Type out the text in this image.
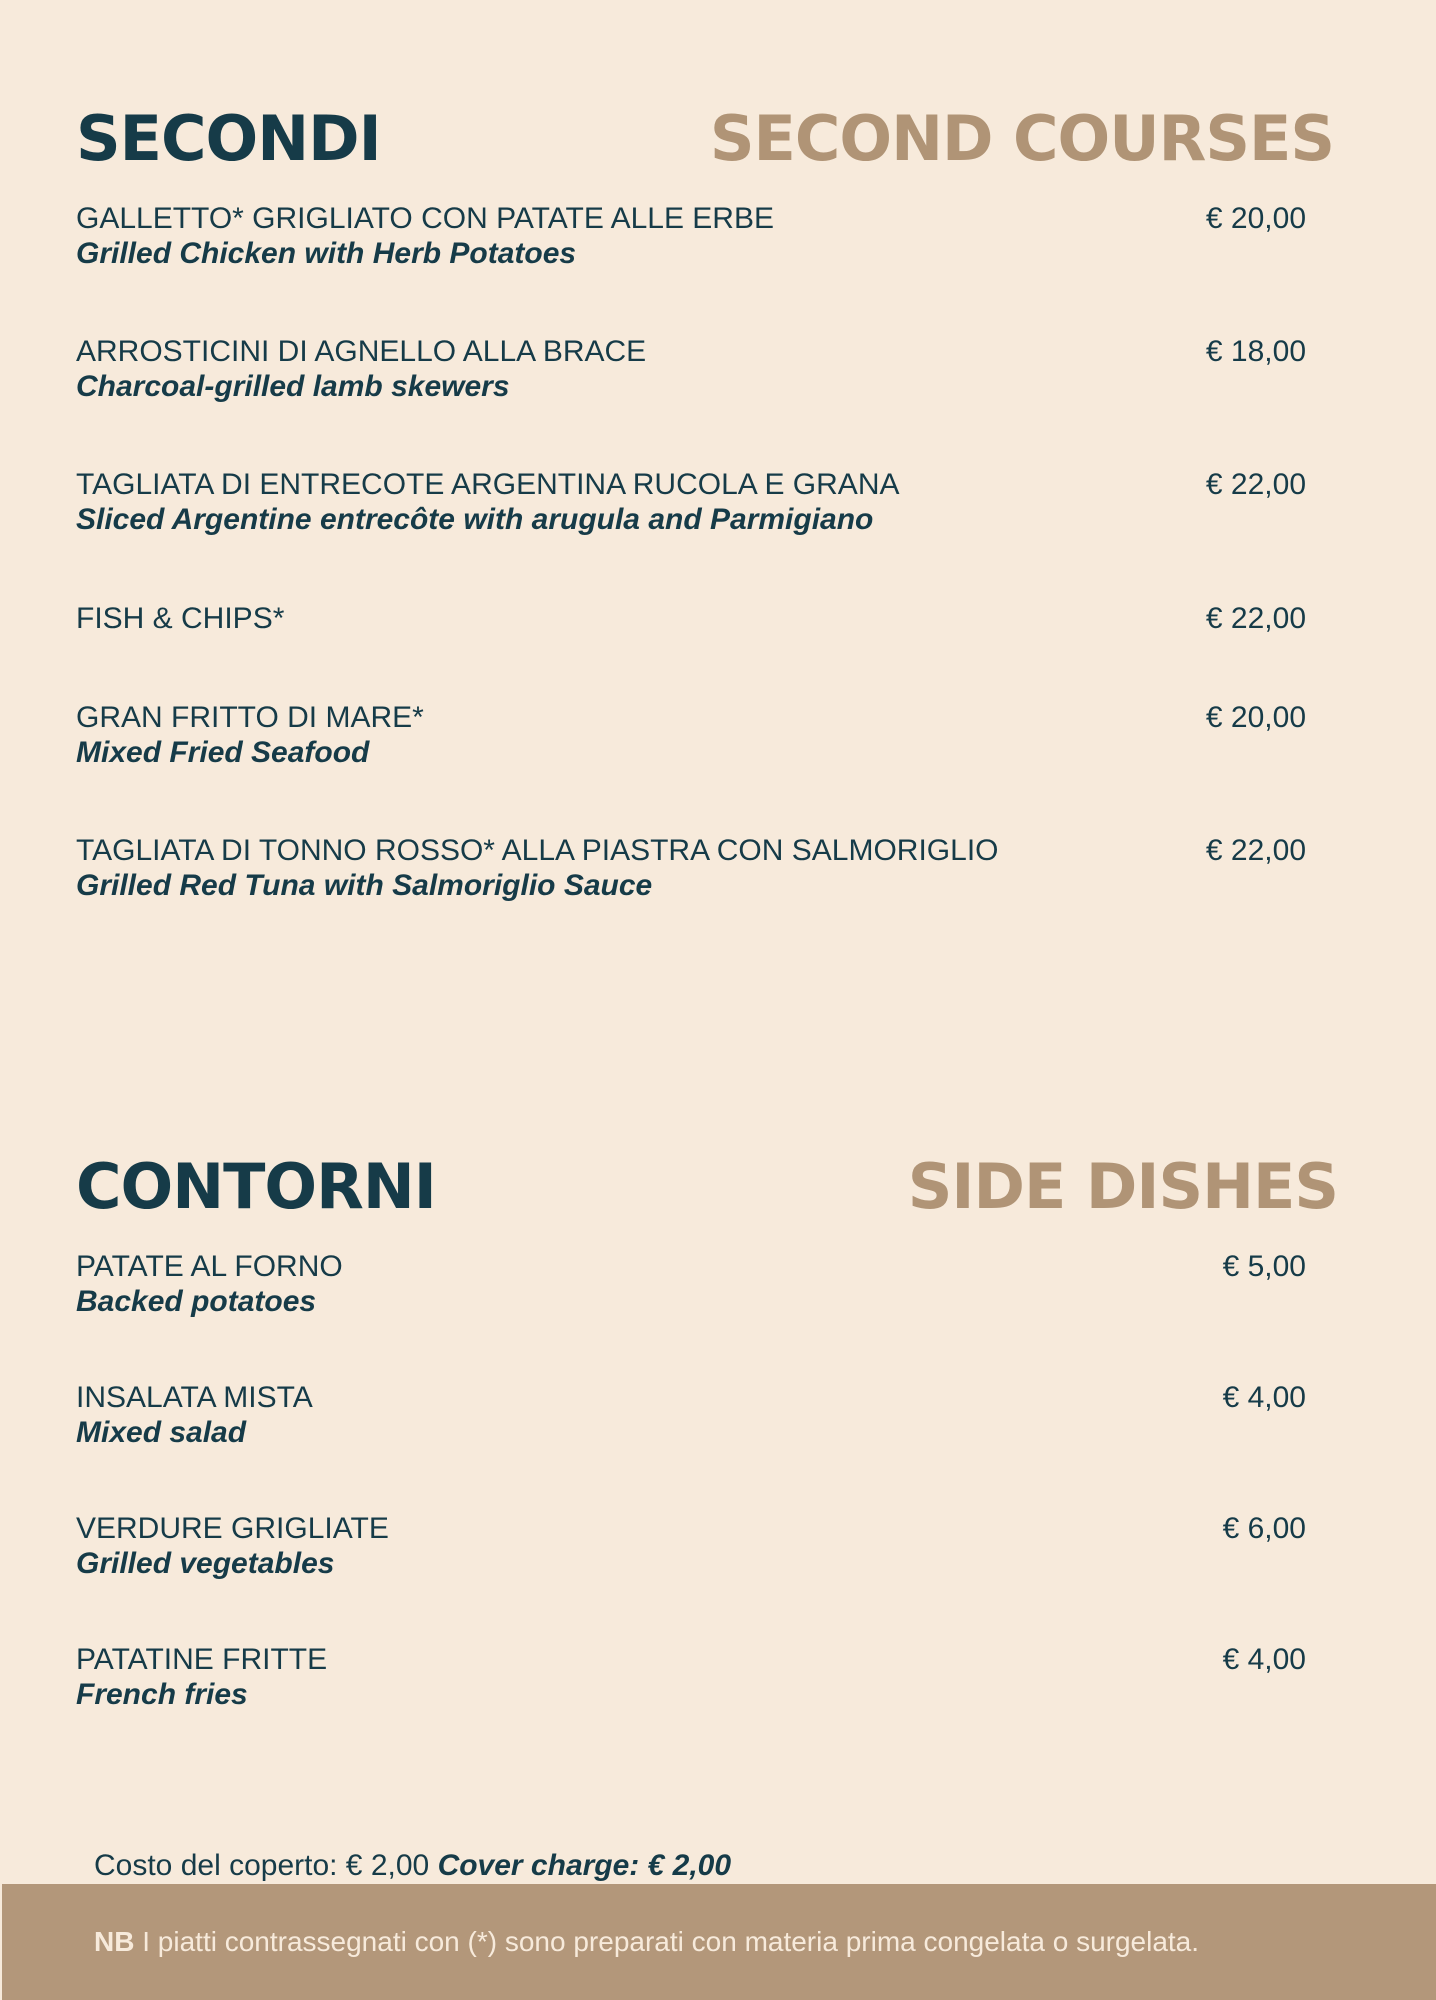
SECONDI	SECOND COURSES
GALLETTO* GRIGLIATO CON PATATE ALLE ERBE
Grilled Chicken with Herb Potatoes
€ 20,00
ARROSTICINI DI AGNELLO ALLA BRACE
Charcoal-grilled lamb skewers
€ 18,00
TAGLIATA DI ENTRECOTE ARGENTINA RUCOLA E GRANA
Sliced Argentine entrecôte with arugula and Parmigiano
€ 22,00
FISH & CHIPS*	€ 22,00
GRAN FRITTO DI MARE*
Mixed Fried Seafood
€ 20,00
TAGLIATA DI TONNO ROSSO* ALLA PIASTRA CON SALMORIGLIO
Grilled Red Tuna with Salmoriglio Sauce
€ 22,00
CONTORNI	SIDE DISHES
PATATE AL FORNO
Backed potatoes
€ 5,00
INSALATA MISTA
Mixed salad
€ 4,00
VERDURE GRIGLIATE
Grilled vegetables
€ 6,00
PATATINE FRITTE
French fries
€ 4,00
Costo del coperto: € 2,00 Cover charge: € 2,00
NB I piatti contrassegnati con (*) sono preparati con materia prima congelata o surgelata.
